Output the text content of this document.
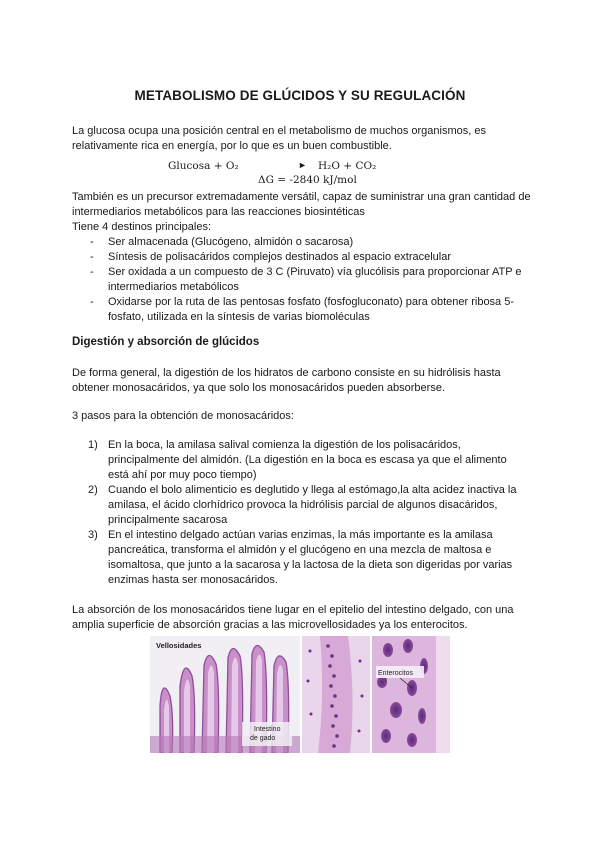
METABOLISMO DE GLÚCIDOS Y SU REGULACIÓN
La glucosa ocupa una posición central en el metabolismo de muchos organismos, es relativamente rica en energía, por lo que es un buen combustible.
Glucosa + O₂	► H₂O + CO₂
ΔG = -2840 kJ/mol
También es un precursor extremadamente versátil, capaz de suministrar una gran cantidad de intermediarios metabólicos para las reacciones biosintéticas
Tiene 4 destinos principales:
- Ser almacenada (Glucógeno, almidón o sacarosa)
- Síntesis de polisacáridos complejos destinados al espacio extracelular
- Ser oxidada a un compuesto de 3 C (Piruvato) vía glucólisis para proporcionar ATP e intermediarios metabólicos
- Oxidarse por la ruta de las pentosas fosfato (fosfogluconato) para obtener ribosa 5-fosfato, utilizada en la síntesis de varias biomoléculas
Digestión y absorción de glúcidos
De forma general, la digestión de los hidratos de carbono consiste en su hidrólisis hasta obtener monosacáridos, ya que solo los monosacáridos pueden absorberse.
3 pasos para la obtención de monosacáridos:
1) En la boca, la amilasa salival comienza la digestión de los polisacáridos, principalmente del almidón. (La digestión en la boca es escasa ya que el alimento está ahí por muy poco tiempo)
2) Cuando el bolo alimenticio es deglutido y llega al estómago,la alta acidez inactiva la amilasa, el ácido clorhídrico provoca la hidrólisis parcial de algunos disacáridos, principalmente sacarosa
3) En el intestino delgado actúan varias enzimas, la más importante es la amilasa pancreática, transforma el almidón y el glucógeno en una mezcla de maltosa e isomaltosa, que junto a la sacarosa y la lactosa de la dieta son digeridas por varias enzimas hasta ser monosacáridos.
La absorción de los monosacáridos tiene lugar en el epitelio del intestino delgado, con una amplia superficie de absorción gracias a las microvellosidades ya los enterocitos.
Vellosidades
Intestino
de gado
Enterocitos
